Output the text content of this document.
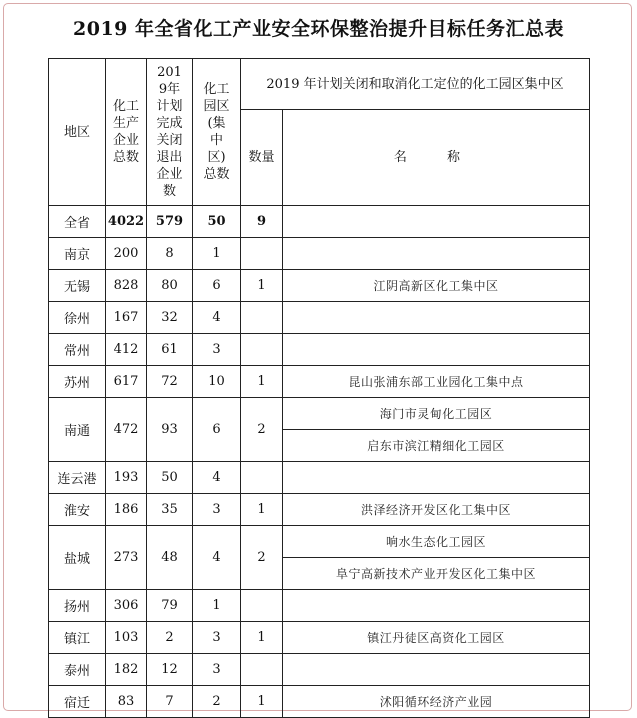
2019 年全省化工产业安全环保整治提升目标任务汇总表
地区	化工生产企业总数	2019年计划完成关闭退出企业数	化工园区(集中区)总数	2019 年计划关闭和取消化工定位的化工园区集中区	
				数量	名 称
全省	4022	579	50	9	
南京	200	8	1		
无锡	828	80	6	1	江阴高新区化工集中区
徐州	167	32	4		
常州	412	61	3		
苏州	617	72	10	1	昆山张浦东部工业园化工集中点
南通	472	93	6	2	海门市灵甸化工园区
					启东市滨江精细化工园区
连云港	193	50	4		
淮安	186	35	3	1	洪泽经济开发区化工集中区
盐城	273	48	4	2	响水生态化工园区
					阜宁高新技术产业开发区化工集中区
扬州	306	79	1		
镇江	103	2	3	1	镇江丹徒区高资化工园区
泰州	182	12	3		
宿迁	83	7	2	1	沭阳循环经济产业园
